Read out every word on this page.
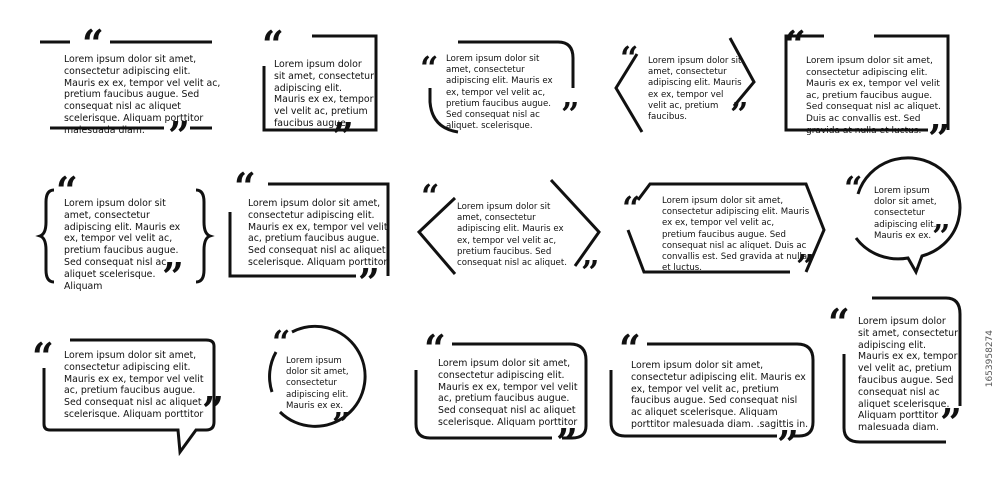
“
”
Lorem ipsum dolor sit amet, consectetur adipiscing elit. Mauris ex ex, tempor vel velit ac, pretium faucibus augue. Sed consequat nisl ac aliquet scelerisque. Aliquam porttitor malesuada diam.
“
”
Lorem ipsum dolor sit amet, consectetur adipiscing elit. Mauris ex ex, tempor vel velit ac, pretium faucibus augue.
“
”
Lorem ipsum dolor sit amet, consectetur adipiscing elit. Mauris ex ex, tempor vel velit ac, pretium faucibus augue. Sed consequat nisl ac aliquet. scelerisque.
“
”
Lorem ipsum dolor sit amet, consectetur adipiscing elit. Mauris ex ex, tempor vel velit ac, pretium faucibus.
“
”
Lorem ipsum dolor sit amet, consectetur adipiscing elit. Mauris ex ex, tempor vel velit ac, pretium faucibus augue. Sed consequat nisl ac aliquet. Duis ac convallis est. Sed gravida at nulla et luctus.
“
”
Lorem ipsum dolor sit amet, consectetur adipiscing elit. Mauris ex ex, tempor vel velit ac, pretium faucibus augue. Sed consequat nisl ac aliquet scelerisque. Aliquam
“
”
Lorem ipsum dolor sit amet, consectetur adipiscing elit. Mauris ex ex, tempor vel velit ac, pretium faucibus augue. Sed consequat nisl ac aliquet scelerisque. Aliquam porttitor
“
”
Lorem ipsum dolor sit amet, consectetur adipiscing elit. Mauris ex ex, tempor vel velit ac, pretium faucibus. Sed consequat nisl ac aliquet.
“
”
Lorem ipsum dolor sit amet, consectetur adipiscing elit. Mauris ex ex, tempor vel velit ac, pretium faucibus augue. Sed consequat nisl ac aliquet. Duis ac convallis est. Sed gravida at nulla et luctus.
“
”
Lorem ipsum dolor sit amet, consectetur adipiscing elit. Mauris ex ex.
“
”
Lorem ipsum dolor sit amet, consectetur adipiscing elit. Mauris ex ex, tempor vel velit ac, pretium faucibus augue. Sed consequat nisl ac aliquet scelerisque. Aliquam porttitor
“
”
Lorem ipsum dolor sit amet, consectetur adipiscing elit. Mauris ex ex.
“
”
Lorem ipsum dolor sit amet, consectetur adipiscing elit. Mauris ex ex, tempor vel velit ac, pretium faucibus augue. Sed consequat nisl ac aliquet scelerisque. Aliquam porttitor
“
”
Lorem ipsum dolor sit amet, consectetur adipiscing elit. Mauris ex ex, tempor vel velit ac, pretium faucibus augue. Sed consequat nisl ac aliquet scelerisque. Aliquam porttitor malesuada diam. .sagittis in.
“
”
Lorem ipsum dolor sit amet, consectetur adipiscing elit. Mauris ex ex, tempor vel velit ac, pretium faucibus augue. Sed consequat nisl ac aliquet scelerisque. Aliquam porttitor malesuada diam.
1653958274
